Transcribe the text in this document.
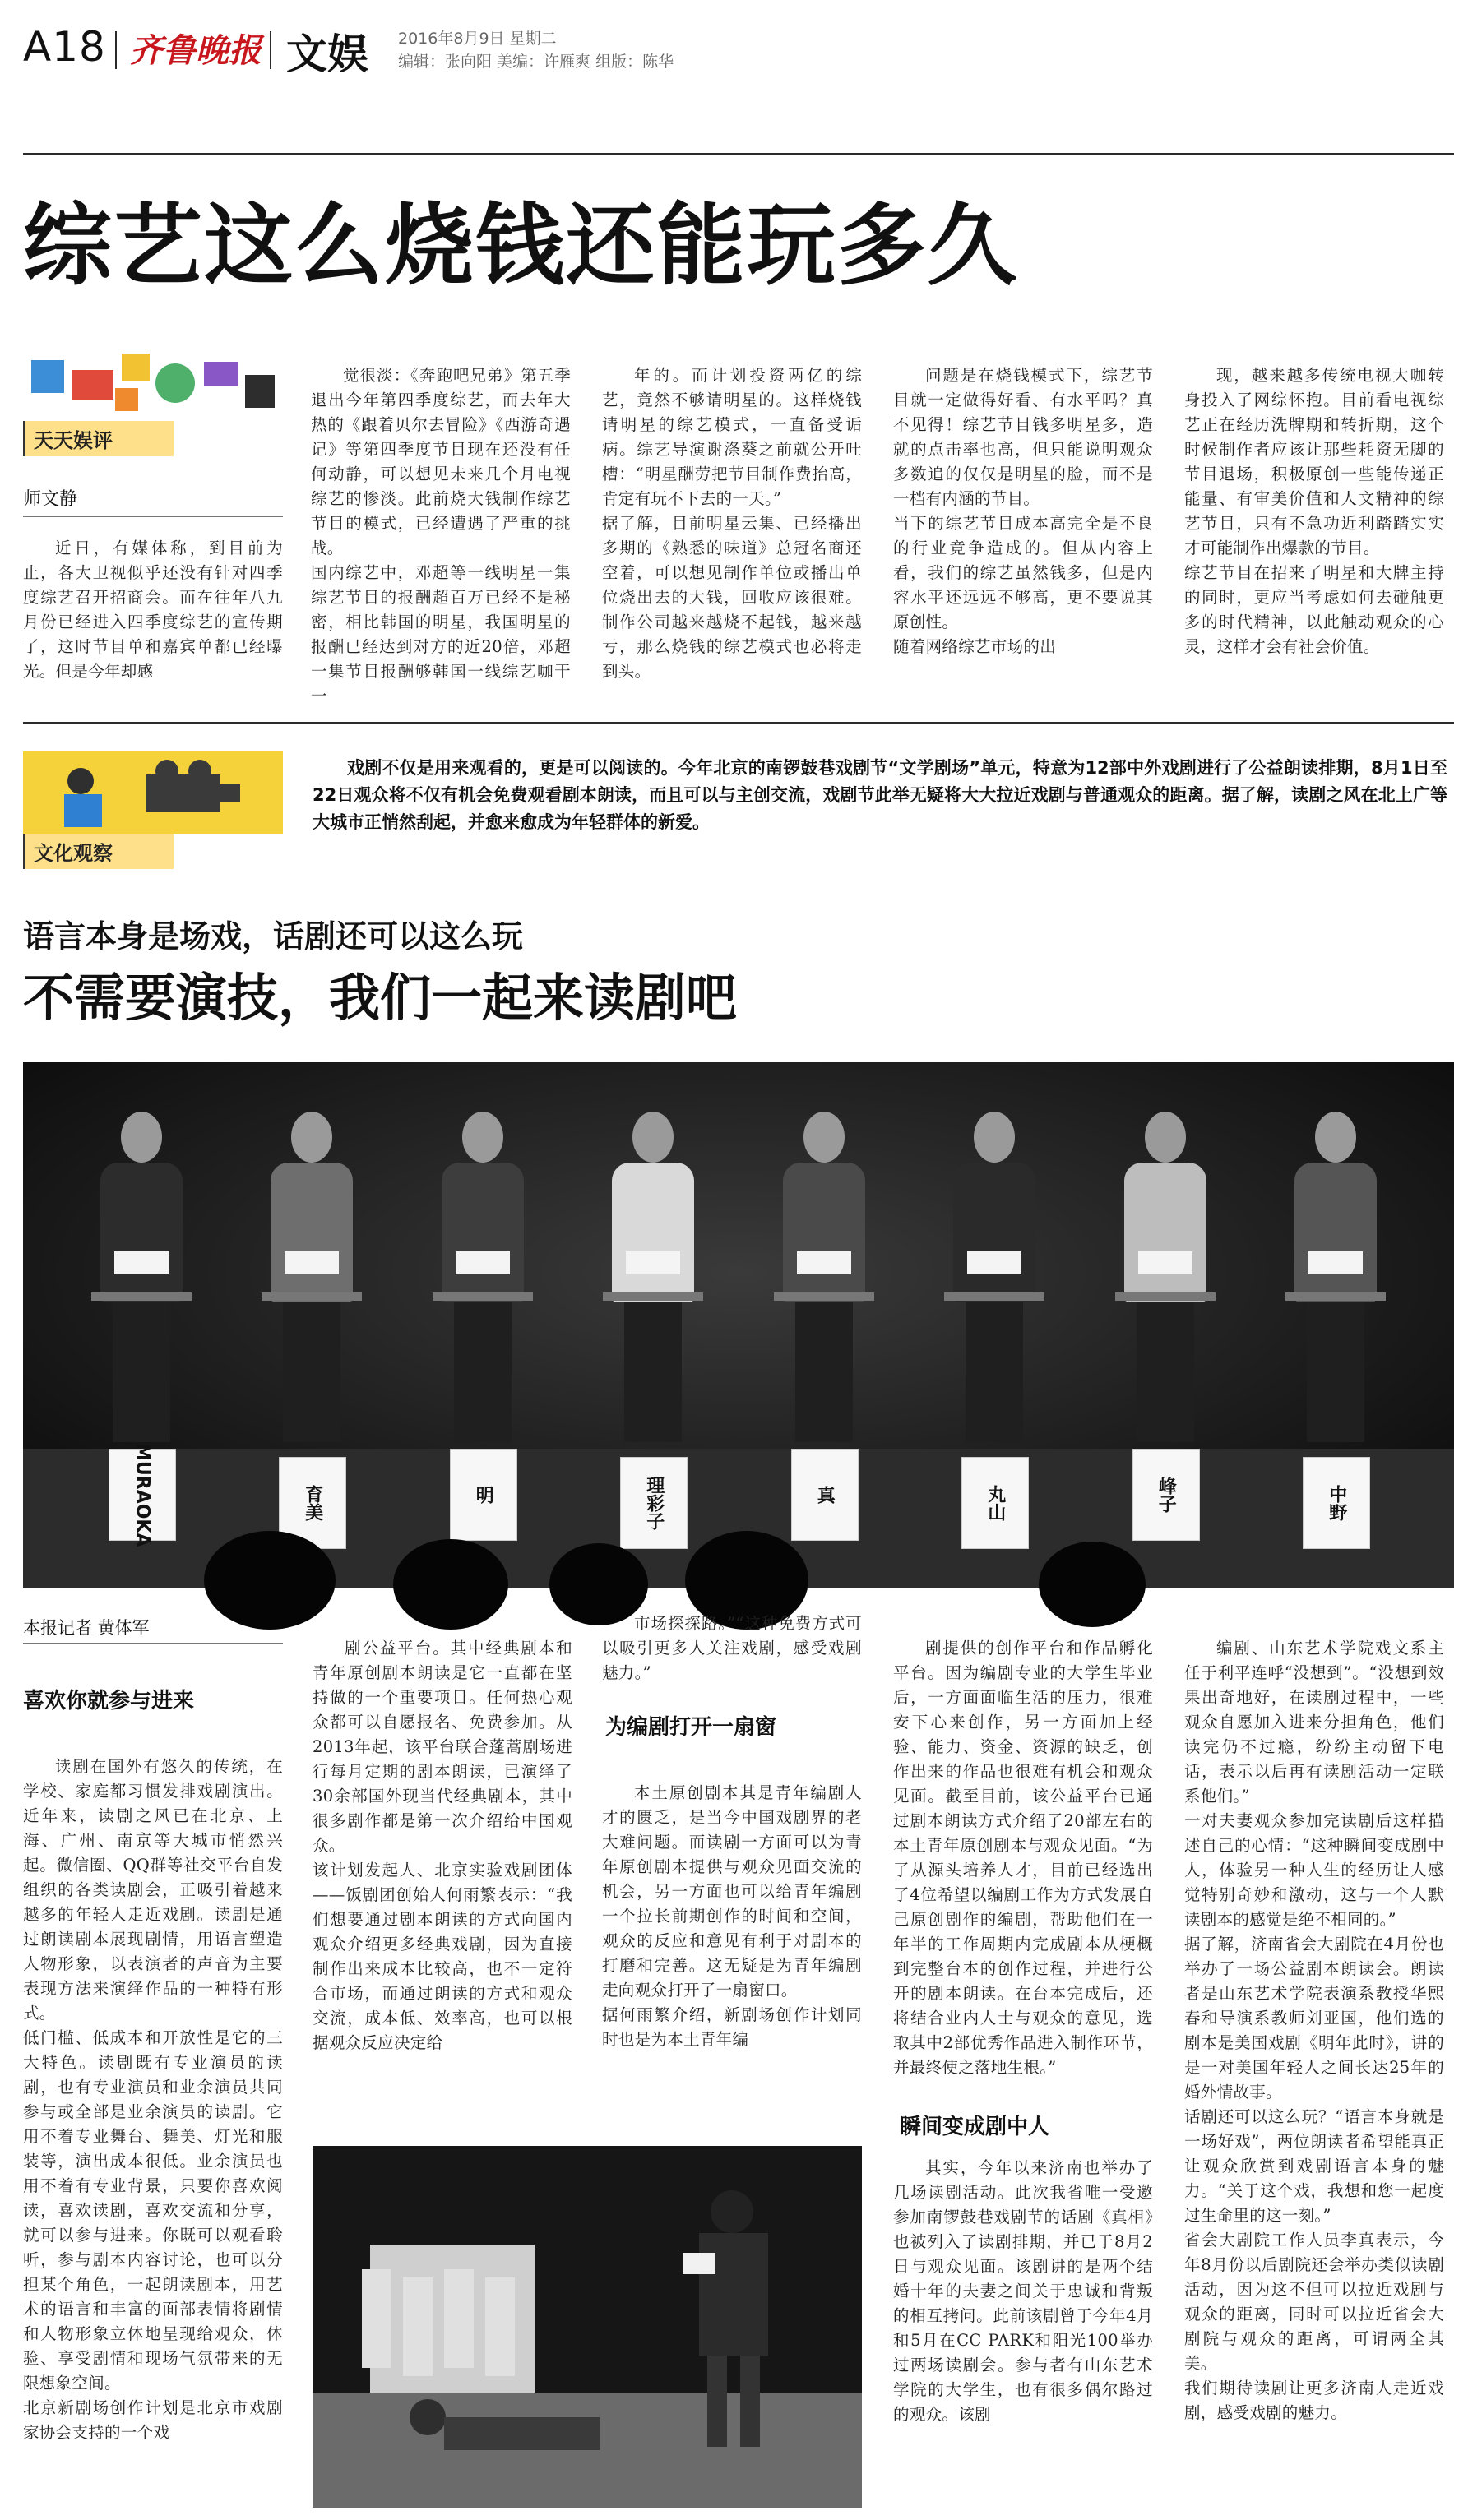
A18 齐鲁晚报 文娱 2016年8月9日 星期二
编辑：张向阳 美编：许雁爽 组版：陈华
综艺这么烧钱还能玩多久
天天娱评
师文静

近日，有媒体称，到目前为止，各大卫视似乎还没有针对四季度综艺召开招商会。而在往年八九月份已经进入四季度综艺的宣传期了，这时节目单和嘉宾单都已经曝光。但是今年却感

觉很淡：《奔跑吧兄弟》第五季退出今年第四季度综艺，而去年大热的《跟着贝尔去冒险》《西游奇遇记》等第四季度节目现在还没有任何动静，可以想见未来几个月电视综艺的惨淡。此前烧大钱制作综艺节目的模式，已经遭遇了严重的挑战。
国内综艺中，邓超等一线明星一集综艺节目的报酬超百万已经不是秘密，相比韩国的明星，我国明星的报酬已经达到对方的近20倍，邓超一集节目报酬够韩国一线综艺咖干一

年的。而计划投资两亿的综艺，竟然不够请明星的。这样烧钱请明星的综艺模式，一直备受诟病。综艺导演谢涤葵之前就公开吐槽：“明星酬劳把节目制作费抬高，肯定有玩不下去的一天。”
据了解，目前明星云集、已经播出多期的《熟悉的味道》总冠名商还空着，可以想见制作单位或播出单位烧出去的大钱，回收应该很难。制作公司越来越烧不起钱，越来越亏，那么烧钱的综艺模式也必将走到头。

问题是在烧钱模式下，综艺节目就一定做得好看、有水平吗？真不见得！综艺节目钱多明星多，造就的点击率也高，但只能说明观众多数追的仅仅是明星的脸，而不是一档有内涵的节目。
当下的综艺节目成本高完全是不良的行业竞争造成的。但从内容上看，我们的综艺虽然钱多，但是内容水平还远远不够高，更不要说其原创性。
随着网络综艺市场的出

现，越来越多传统电视大咖转身投入了网综怀抱。目前看电视综艺正在经历洗牌期和转折期，这个时候制作者应该让那些耗资无脚的节目退场，积极原创一些能传递正能量、有审美价值和人文精神的综艺节目，只有不急功近利踏踏实实才可能制作出爆款的节目。
综艺节目在招来了明星和大牌主持的同时，更应当考虑如何去碰触更多的时代精神，以此触动观众的心灵，这样才会有社会价值。

文化观察
戏剧不仅是用来观看的，更是可以阅读的。今年北京的南锣鼓巷戏剧节“文学剧场”单元，特意为12部中外戏剧进行了公益朗读排期，8月1日至22日观众将不仅有机会免费观看剧本朗读，而且可以与主创交流，戏剧节此举无疑将大大拉近戏剧与普通观众的距离。据了解，读剧之风在北上广等大城市正悄然刮起，并愈来愈成为年轻群体的新爱。
语言本身是场戏，话剧还可以这么玩
不需要演技，我们一起来读剧吧
MURAOKA	育美	明	理彩子	真	丸山	峰子	中野
本报记者 黄体军
喜欢你就参与进来

读剧在国外有悠久的传统，在学校、家庭都习惯发排戏剧演出。近年来，读剧之风已在北京、上海、广州、南京等大城市悄然兴起。微信圈、QQ群等社交平台自发组织的各类读剧会，正吸引着越来越多的年轻人走近戏剧。读剧是通过朗读剧本展现剧情，用语言塑造人物形象，以表演者的声音为主要表现方法来演绎作品的一种特有形式。
低门槛、低成本和开放性是它的三大特色。读剧既有专业演员的读剧，也有专业演员和业余演员共同参与或全部是业余演员的读剧。它用不着专业舞台、舞美、灯光和服装等，演出成本很低。业余演员也用不着有专业背景，只要你喜欢阅读，喜欢读剧，喜欢交流和分享，就可以参与进来。你既可以观看聆听，参与剧本内容讨论，也可以分担某个角色，一起朗读剧本，用艺术的语言和丰富的面部表情将剧情和人物形象立体地呈现给观众，体验、享受剧情和现场气氛带来的无限想象空间。
北京新剧场创作计划是北京市戏剧家协会支持的一个戏

剧公益平台。其中经典剧本和青年原创剧本朗读是它一直都在坚持做的一个重要项目。任何热心观众都可以自愿报名、免费参加。从2013年起，该平台联合蓬蒿剧场进行每月定期的剧本朗读，已演绎了30余部国外现当代经典剧本，其中很多剧作都是第一次介绍给中国观众。
该计划发起人、北京实验戏剧团体——饭剧团创始人何雨繁表示：“我们想要通过剧本朗读的方式向国内观众介绍更多经典戏剧，因为直接制作出来成本比较高，也不一定符合市场，而通过朗读的方式和观众交流，成本低、效率高，也可以根据观众反应决定给

市场探探路。”“这种免费方式可以吸引更多人关注戏剧，感受戏剧魅力。”

为编剧打开一扇窗

本土原创剧本其是青年编剧人才的匮乏，是当今中国戏剧界的老大难问题。而读剧一方面可以为青年原创剧本提供与观众见面交流的机会，另一方面也可以给青年编剧一个拉长前期创作的时间和空间，观众的反应和意见有利于对剧本的打磨和完善。这无疑是为青年编剧走向观众打开了一扇窗口。
据何雨繁介绍，新剧场创作计划同时也是为本土青年编

剧提供的创作平台和作品孵化平台。因为编剧专业的大学生毕业后，一方面面临生活的压力，很难安下心来创作，另一方面加上经验、能力、资金、资源的缺乏，创作出来的作品也很难有机会和观众见面。截至目前，该公益平台已通过剧本朗读方式介绍了20部左右的本土青年原创剧本与观众见面。“为了从源头培养人才，目前已经选出了4位希望以编剧工作为方式发展自己原创剧作的编剧，帮助他们在一年半的工作周期内完成剧本从梗概到完整台本的创作过程，并进行公开的剧本朗读。在台本完成后，还将结合业内人士与观众的意见，选取其中2部优秀作品进入制作环节，并最终使之落地生根。”

瞬间变成剧中人

其实，今年以来济南也举办了几场读剧活动。此次我省唯一受邀参加南锣鼓巷戏剧节的话剧《真相》也被列入了读剧排期，并已于8月2日与观众见面。该剧讲的是两个结婚十年的夫妻之间关于忠诚和背叛的相互拷问。此前该剧曾于今年4月和5月在CC PARK和阳光100举办过两场读剧会。参与者有山东艺术学院的大学生，也有很多偶尔路过的观众。该剧

编剧、山东艺术学院戏文系主任于利平连呼“没想到”。“没想到效果出奇地好，在读剧过程中，一些观众自愿加入进来分担角色，他们读完仍不过瘾，纷纷主动留下电话，表示以后再有读剧活动一定联系他们。”
一对夫妻观众参加完读剧后这样描述自己的心情：“这种瞬间变成剧中人，体验另一种人生的经历让人感觉特别奇妙和激动，这与一个人默读剧本的感觉是绝不相同的。”
据了解，济南省会大剧院在4月份也举办了一场公益剧本朗读会。朗读者是山东艺术学院表演系教授华熙春和导演系教师刘亚国，他们选的剧本是美国戏剧《明年此时》，讲的是一对美国年轻人之间长达25年的婚外情故事。
话剧还可以这么玩？“语言本身就是一场好戏”，两位朗读者希望能真正让观众欣赏到戏剧语言本身的魅力。“关于这个戏，我想和您一起度过生命里的这一刻。”
省会大剧院工作人员李真表示，今年8月份以后剧院还会举办类似读剧活动，因为这不但可以拉近戏剧与观众的距离，同时可以拉近省会大剧院与观众的距离，可谓两全其美。
我们期待读剧让更多济南人走近戏剧，感受戏剧的魅力。
